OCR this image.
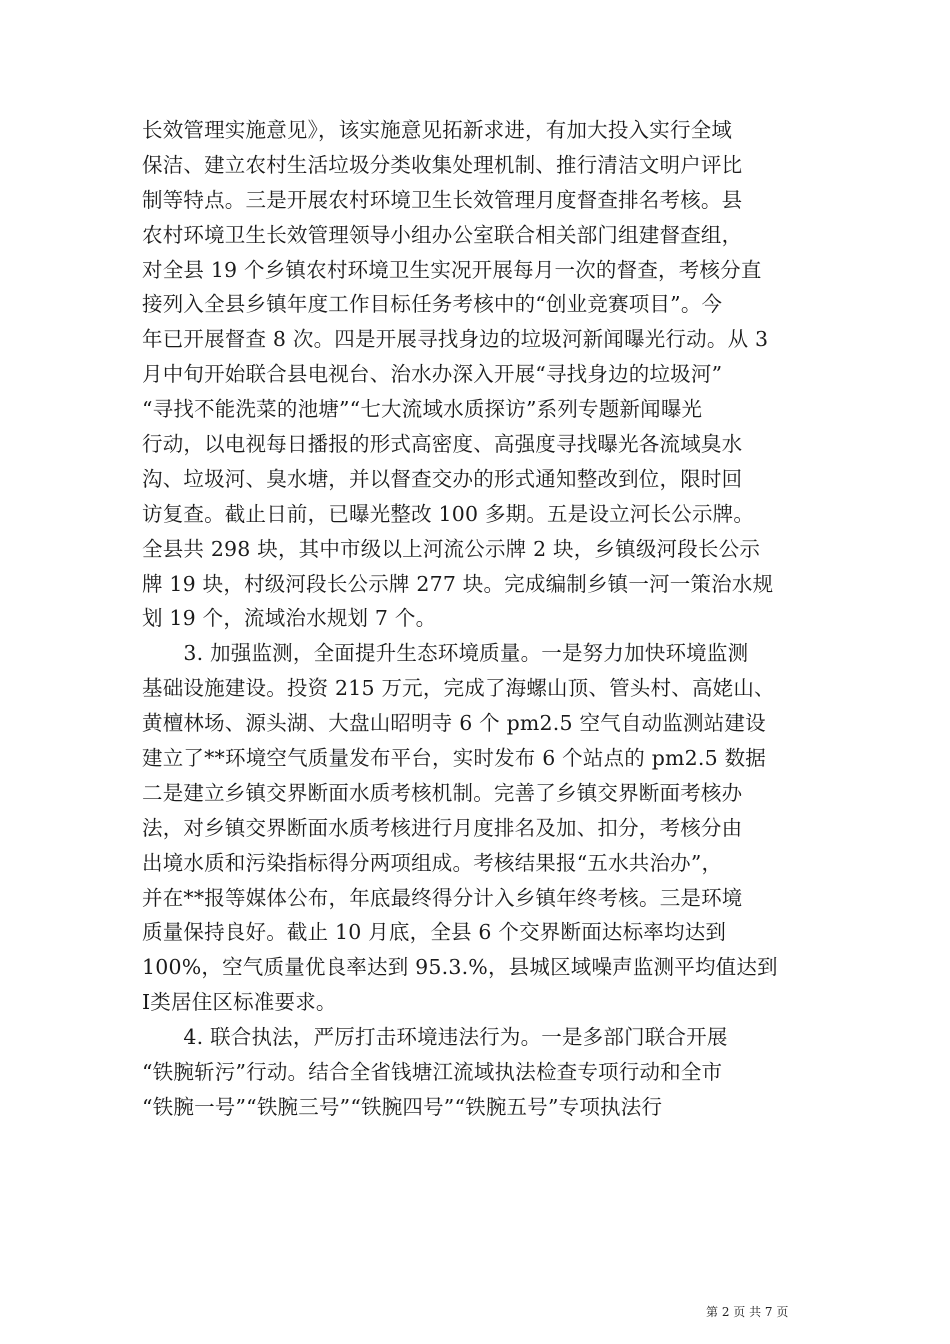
长效管理实施意见》，该实施意见拓新求进，有加大投入实行全域
保洁、建立农村生活垃圾分类收集处理机制、推行清洁文明户评比
制等特点。三是开展农村环境卫生长效管理月度督查排名考核。县
农村环境卫生长效管理领导小组办公室联合相关部门组建督查组，
对全县 19 个乡镇农村环境卫生实况开展每月一次的督查，考核分直
接列入全县乡镇年度工作目标任务考核中的“创业竞赛项目”。今
年已开展督查 8 次。四是开展寻找身边的垃圾河新闻曝光行动。从 3
月中旬开始联合县电视台、治水办深入开展“寻找身边的垃圾河”
“寻找不能洗菜的池塘”“七大流域水质探访”系列专题新闻曝光
行动，以电视每日播报的形式高密度、高强度寻找曝光各流域臭水
沟、垃圾河、臭水塘，并以督查交办的形式通知整改到位，限时回
访复查。截止日前，已曝光整改 100 多期。五是设立河长公示牌。
全县共 298 块，其中市级以上河流公示牌 2 块，乡镇级河段长公示
牌 19 块，村级河段长公示牌 277 块。完成编制乡镇一河一策治水规
划 19 个，流域治水规划 7 个。
　　3. 加强监测，全面提升生态环境质量。一是努力加快环境监测
基础设施建设。投资 215 万元，完成了海螺山顶、管头村、高姥山、
黄檀林场、源头湖、大盘山昭明寺 6 个 pm2.5 空气自动监测站建设
建立了**环境空气质量发布平台，实时发布 6 个站点的 pm2.5 数据
二是建立乡镇交界断面水质考核机制。完善了乡镇交界断面考核办
法，对乡镇交界断面水质考核进行月度排名及加、扣分，考核分由
出境水质和污染指标得分两项组成。考核结果报“五水共治办”，
并在**报等媒体公布，年底最终得分计入乡镇年终考核。三是环境
质量保持良好。截止 10 月底，全县 6 个交界断面达标率均达到
100%，空气质量优良率达到 95.3.%，县城区域噪声监测平均值达到
Ⅰ类居住区标准要求。
　　4. 联合执法，严厉打击环境违法行为。一是多部门联合开展
“铁腕斩污”行动。结合全省钱塘江流域执法检查专项行动和全市
“铁腕一号”“铁腕三号”“铁腕四号”“铁腕五号”专项执法行
第 2 页 共 7 页
